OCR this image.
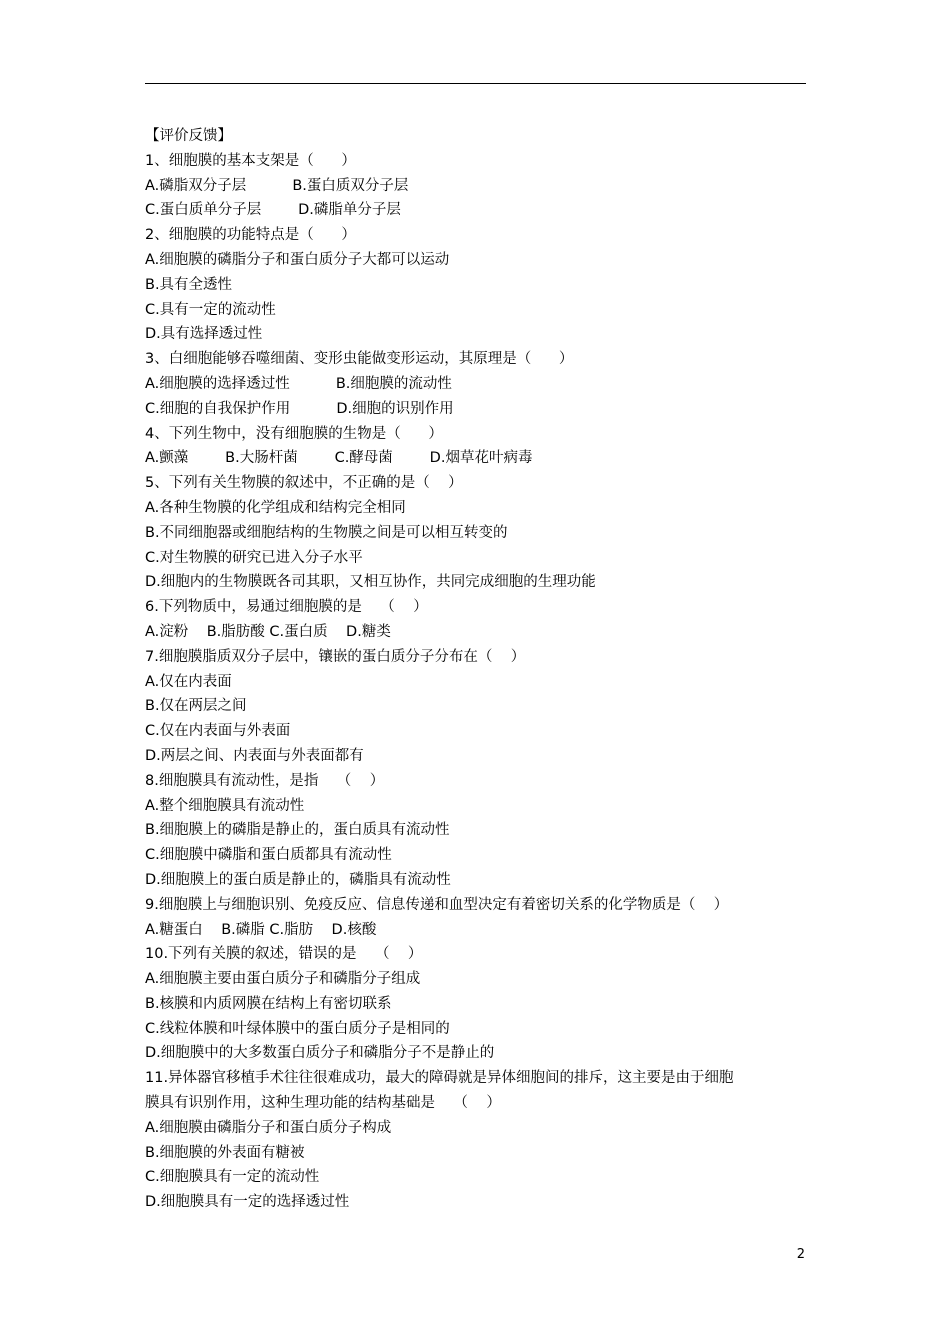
【评价反馈】
1、细胞膜的基本支架是（      ）
A.磷脂双分子层          B.蛋白质双分子层
C.蛋白质单分子层        D.磷脂单分子层
2、细胞膜的功能特点是（      ）
A.细胞膜的磷脂分子和蛋白质分子大都可以运动
B.具有全透性
C.具有一定的流动性
D.具有选择透过性
3、白细胞能够吞噬细菌、变形虫能做变形运动，其原理是（      ）
A.细胞膜的选择透过性          B.细胞膜的流动性
C.细胞的自我保护作用          D.细胞的识别作用
4、下列生物中，没有细胞膜的生物是（      ）
A.颤藻        B.大肠杆菌        C.酵母菌        D.烟草花叶病毒
5、下列有关生物膜的叙述中，不正确的是（    ）
A.各种生物膜的化学组成和结构完全相同
B.不同细胞器或细胞结构的生物膜之间是可以相互转变的
C.对生物膜的研究已进入分子水平
D.细胞内的生物膜既各司其职，又相互协作，共同完成细胞的生理功能
6.下列物质中，易通过细胞膜的是    （    ）
A.淀粉    B.脂肪酸 C.蛋白质    D.糖类
7.细胞膜脂质双分子层中，镶嵌的蛋白质分子分布在（    ）
A.仅在内表面
B.仅在两层之间
C.仅在内表面与外表面
D.两层之间、内表面与外表面都有
8.细胞膜具有流动性，是指    （    ）
A.整个细胞膜具有流动性
B.细胞膜上的磷脂是静止的，蛋白质具有流动性
C.细胞膜中磷脂和蛋白质都具有流动性
D.细胞膜上的蛋白质是静止的，磷脂具有流动性
9.细胞膜上与细胞识别、免疫反应、信息传递和血型决定有着密切关系的化学物质是（    ）
A.糖蛋白    B.磷脂 C.脂肪    D.核酸
10.下列有关膜的叙述，错误的是    （    ）
A.细胞膜主要由蛋白质分子和磷脂分子组成
B.核膜和内质网膜在结构上有密切联系
C.线粒体膜和叶绿体膜中的蛋白质分子是相同的
D.细胞膜中的大多数蛋白质分子和磷脂分子不是静止的
11.异体器官移植手术往往很难成功，最大的障碍就是异体细胞间的排斥，这主要是由于细胞
膜具有识别作用，这种生理功能的结构基础是    （    ）
A.细胞膜由磷脂分子和蛋白质分子构成
B.细胞膜的外表面有糖被
C.细胞膜具有一定的流动性
D.细胞膜具有一定的选择透过性
2
